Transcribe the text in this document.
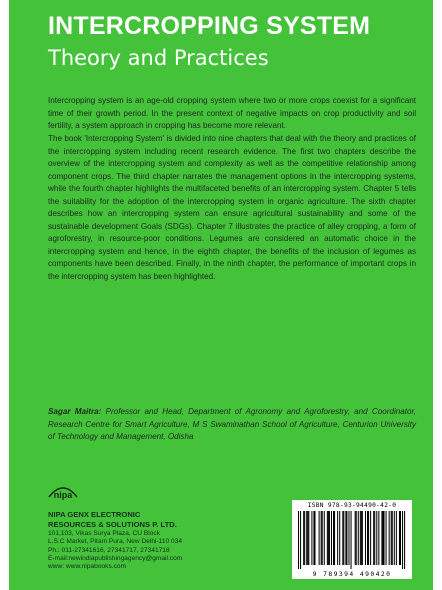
INTERCROPPING SYSTEM
Theory and Practices

Intercropping system is an age-old cropping system where two or more crops coexist for a significant time of their growth period. In the present context of negative impacts on crop productivity and soil fertility, a system approach in cropping has become more relevant.

The book 'Intercropping System' is divided into nine chapters that deal with the theory and practices of the intercropping system including recent research evidence. The first two chapters describe the overview of the intercropping system and complexity as well as the competitive relationship among component crops. The third chapter narrates the management options in the intercropping systems, while the fourth chapter highlights the multifaceted benefits of an intercropping system. Chapter 5 tells the suitability for the adoption of the intercropping system in organic agriculture. The sixth chapter describes how an intercropping system can ensure agricultural sustainability and some of the sustainable development Goals (SDGs). Chapter 7 illustrates the practice of alley cropping, a form of agroforestry, in resource-poor conditions. Legumes are considered an automatic choice in the intercropping system and hence, in the eighth chapter, the benefits of the inclusion of legumes as components have been described. Finally, in the ninth chapter, the performance of important crops in the intercropping system has been highlighted.

Sagar Maitra: Professor and Head, Department of Agronomy and Agroforestry, and Coordinator, Research Centre for Smart Agriculture, M S Swaminathan School of Agriculture, Centurion University of Technology and Management, Odisha
nipa
NIPA GENX ELECTRONIC
RESOURCES & SOLUTIONS P. LTD.
101,103, Vikas Surya Plaza, CU Block
L.S.C Market, Pitam Pura, New Delhi-110 034
Ph.: 011-27341616, 27341717, 27341718
E-mail:newindiapublishingagency@gmail.com
www: www.nipabooks.com
ISBN 978-93-94490-42-0
9 789394 490420
